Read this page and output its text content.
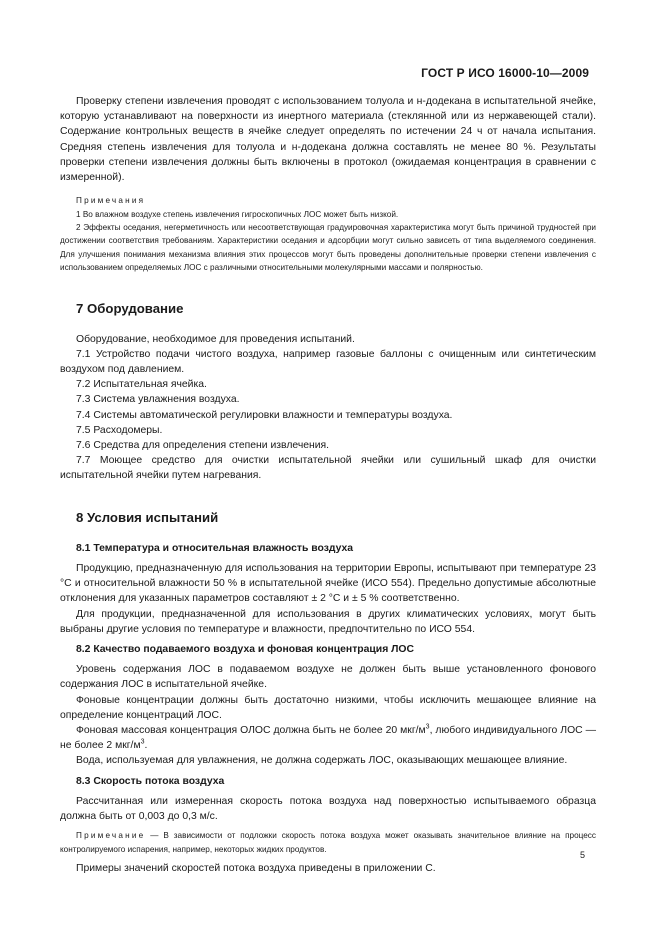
ГОСТ Р ИСО 16000-10—2009

Проверку степени извлечения проводят с использованием толуола и н-додекана в испытательной ячейке, которую устанавливают на поверхности из инертного материала (стеклянной или из нержавеющей стали). Содержание контрольных веществ в ячейке следует определять по истечении 24 ч от начала испытания. Средняя степень извлечения для толуола и н-додекана должна составлять не менее 80 %. Результаты проверки степени извлечения должны быть включены в протокол (ожидаемая концентрация в сравнении с измеренной).

Примечания

1 Во влажном воздухе степень извлечения гигроскопичных ЛОС может быть низкой.

2 Эффекты оседания, негерметичность или несоответствующая градуировочная характеристика могут быть причиной трудностей при достижении соответствия требованиям. Характеристики оседания и адсорбции могут сильно зависеть от типа выделяемого соединения. Для улучшения понимания механизма влияния этих процессов могут быть проведены дополнительные проверки степени извлечения с использованием определяемых ЛОС с различными относительными молекулярными массами и полярностью.

7 Оборудование

Оборудование, необходимое для проведения испытаний.

7.1 Устройство подачи чистого воздуха, например газовые баллоны с очищенным или синтетическим воздухом под давлением.

7.2 Испытательная ячейка.

7.3 Система увлажнения воздуха.

7.4 Системы автоматической регулировки влажности и температуры воздуха.

7.5 Расходомеры.

7.6 Средства для определения степени извлечения.

7.7 Моющее средство для очистки испытательной ячейки или сушильный шкаф для очистки испытательной ячейки путем нагревания.

8 Условия испытаний
8.1 Температура и относительная влажность воздуха

Продукцию, предназначенную для использования на территории Европы, испытывают при температуре 23 °С и относительной влажности 50 % в испытательной ячейке (ИСО 554). Предельно допустимые абсолютные отклонения для указанных параметров составляют ± 2 °С и ± 5 % соответственно.

Для продукции, предназначенной для использования в других климатических условиях, могут быть выбраны другие условия по температуре и влажности, предпочтительно по ИСО 554.

8.2 Качество подаваемого воздуха и фоновая концентрация ЛОС

Уровень содержания ЛОС в подаваемом воздухе не должен быть выше установленного фонового содержания ЛОС в испытательной ячейке.

Фоновые концентрации должны быть достаточно низкими, чтобы исключить мешающее влияние на определение концентраций ЛОС.

Фоновая массовая концентрация ОЛОС должна быть не более 20 мкг/$м^3$, любого индивидуального ЛОС — не более 2 мкг/$м^3$.

Вода, используемая для увлажнения, не должна содержать ЛОС, оказывающих мешающее влияние.

8.3 Скорость потока воздуха

Рассчитанная или измеренная скорость потока воздуха над поверхностью испытываемого образца должна быть от 0,003 до 0,3 м/с.

Примечание — В зависимости от подложки скорость потока воздуха может оказывать значительное влияние на процесс контролируемого испарения, например, некоторых жидких продуктов.

Примеры значений скоростей потока воздуха приведены в приложении С.

5
